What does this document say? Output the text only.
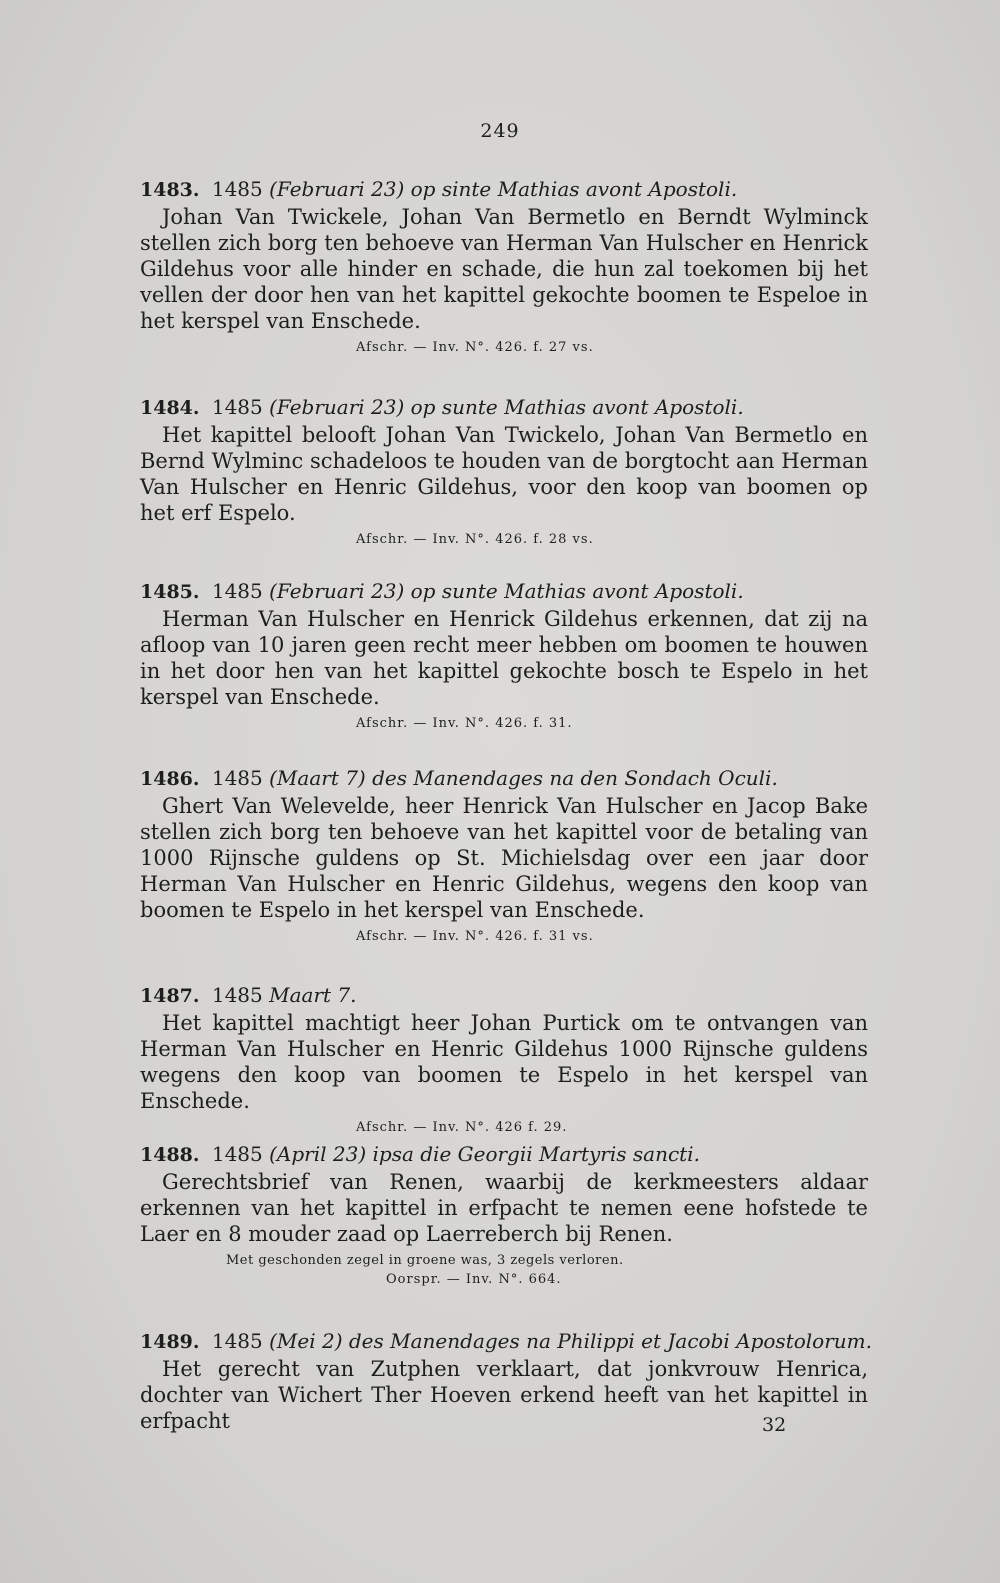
249
1483. 1485 (Februari 23) op sinte Mathias avont Apostoli.

Johan Van Twickele, Johan Van Bermetlo en Berndt Wylminck stellen zich borg ten behoeve van Herman Van Hulscher en Henrick Gildehus voor alle hinder en schade, die hun zal toekomen bij het vellen der door hen van het kapittel gekochte boomen te Espeloe in het kerspel van Enschede.

Afschr. — Inv. N°. 426. f. 27 vs.
1484. 1485 (Februari 23) op sunte Mathias avont Apostoli.

Het kapittel belooft Johan Van Twickelo, Johan Van Bermetlo en Bernd Wylminc schadeloos te houden van de borgtocht aan Herman Van Hulscher en Henric Gildehus, voor den koop van boomen op het erf Espelo.

Afschr. — Inv. N°. 426. f. 28 vs.
1485. 1485 (Februari 23) op sunte Mathias avont Apostoli.

Herman Van Hulscher en Henrick Gildehus erkennen, dat zij na afloop van 10 jaren geen recht meer hebben om boomen te houwen in het door hen van het kapittel gekochte bosch te Espelo in het kerspel van Enschede.

Afschr. — Inv. N°. 426. f. 31.
1486. 1485 (Maart 7) des Manendages na den Sondach Oculi.

Ghert Van Welevelde, heer Henrick Van Hulscher en Jacop Bake stellen zich borg ten behoeve van het kapittel voor de betaling van 1000 Rijnsche guldens op St. Michielsdag over een jaar door Herman Van Hulscher en Henric Gildehus, wegens den koop van boomen te Espelo in het kerspel van Enschede.

Afschr. — Inv. N°. 426. f. 31 vs.
1487. 1485 Maart 7.

Het kapittel machtigt heer Johan Purtick om te ontvangen van Herman Van Hulscher en Henric Gildehus 1000 Rijnsche guldens wegens den koop van boomen te Espelo in het kerspel van Enschede.

Afschr. — Inv. N°. 426 f. 29.
1488. 1485 (April 23) ipsa die Georgii Martyris sancti.

Gerechtsbrief van Renen, waarbij de kerkmeesters aldaar erkennen van het kapittel in erfpacht te nemen eene hofstede te Laer en 8 mouder zaad op Laerreberch bij Renen.

Met geschonden zegel in groene was, 3 zegels verloren.
Oorspr. — Inv. N°. 664.
1489. 1485 (Mei 2) des Manendages na Philippi et Jacobi Apostolorum.

Het gerecht van Zutphen verklaart, dat jonkvrouw Henrica, dochter van Wichert Ther Hoeven erkend heeft van het kapittel in erfpacht	32
